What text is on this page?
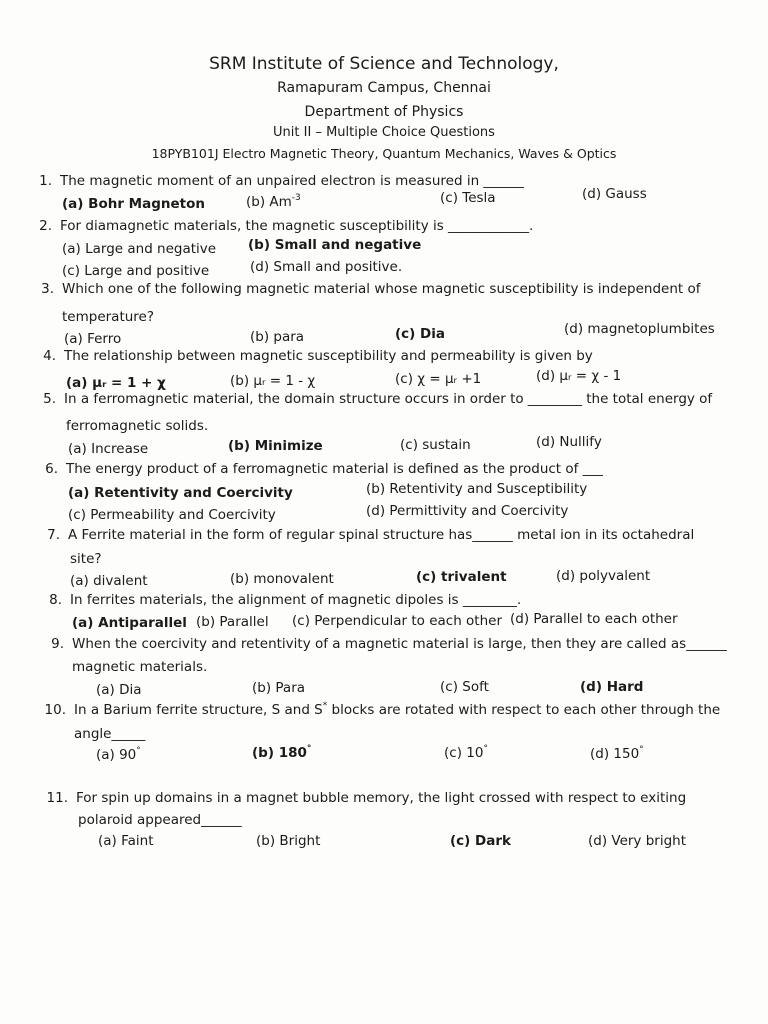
SRM Institute of Science and Technology,
Ramapuram Campus, Chennai
Department of Physics
Unit II – Multiple Choice Questions
18PYB101J Electro Magnetic Theory, Quantum Mechanics, Waves & Optics
1. The magnetic moment of an unpaired electron is measured in ______
(a) Bohr Magneton	(b) $Am^{-3}$	(c) Tesla	(d) Gauss
2. For diamagnetic materials, the magnetic susceptibility is ____________.
(a) Large and negative (b) Small and negative
(c) Large and positive	(d) Small and positive.
3. Which one of the following magnetic material whose magnetic susceptibility is independent of
temperature?
(a) Ferro	(b) para	(c) Dia	(d) magnetoplumbites
4. The relationship between magnetic susceptibility and permeability is given by
(a) μᵣ = 1 + χ	(b) μᵣ = 1 - χ	(c) χ = μᵣ +1	(d) μᵣ = χ - 1
5. In a ferromagnetic material, the domain structure occurs in order to ________ the total energy of
ferromagnetic solids.
(a) Increase	(b) Minimize	(c) sustain	(d) Nullify
6. The energy product of a ferromagnetic material is defined as the product of ___
(a) Retentivity and Coercivity	(b) Retentivity and Susceptibility
(c) Permeability and Coercivity	(d) Permittivity and Coercivity
7. A Ferrite material in the form of regular spinal structure has______ metal ion in its octahedral
site?
(a) divalent	(b) monovalent	(c) trivalent	(d) polyvalent
8. In ferrites materials, the alignment of magnetic dipoles is ________.
(a) Antiparallel (b) Parallel (c) Perpendicular to each other (d) Parallel to each other
9. When the coercivity and retentivity of a magnetic material is large, then they are called as______
magnetic materials.
(a) Dia	(b) Para	(c) Soft	(d) Hard
10. In a Barium ferrite structure, S and S* blocks are rotated with respect to each other through the
angle_____
(a) 90°	(b) 180°	(c) 10°	(d) 150°
11. For spin up domains in a magnet bubble memory, the light crossed with respect to exiting
polaroid appeared______
(a) Faint	(b) Bright	(c) Dark	(d) Very bright
